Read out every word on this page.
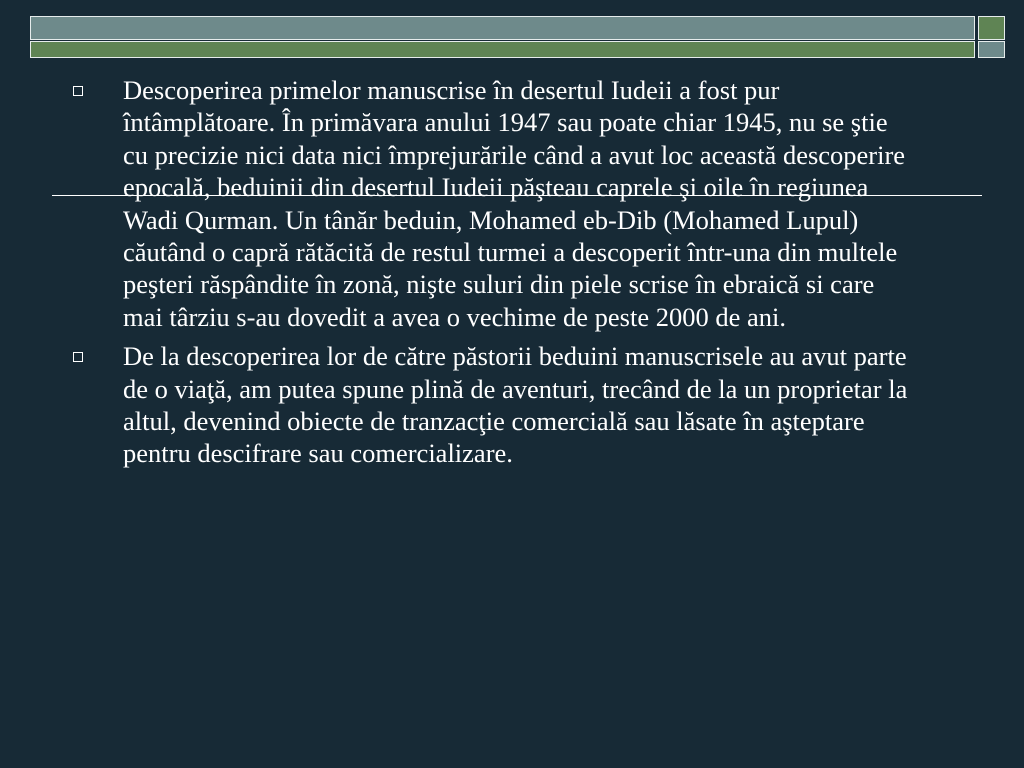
Descoperirea primelor manuscrise în desertul Iudeii a fost pur întâmplătoare. În primăvara anului 1947 sau poate chiar 1945, nu se ştie cu precizie nici data nici împrejurările când a avut loc această descoperire epocală, beduinii din desertul Iudeii păşteau caprele şi oile în regiunea Wadi Qurman. Un tânăr beduin, Mohamed eb-Dib (Mohamed Lupul) căutând o capră rătăcită de restul turmei a descoperit într-una din multele peşteri răspândite în zonă, nişte suluri din piele scrise în ebraică si care mai târziu s-au dovedit a avea o vechime de peste 2000 de ani.
De la descoperirea lor de către păstorii beduini manuscrisele au avut parte de o viaţă, am putea spune plină de aventuri, trecând de la un proprietar la altul, devenind obiecte de tranzacţie comercială sau lăsate în aşteptare pentru descifrare sau comercializare.
